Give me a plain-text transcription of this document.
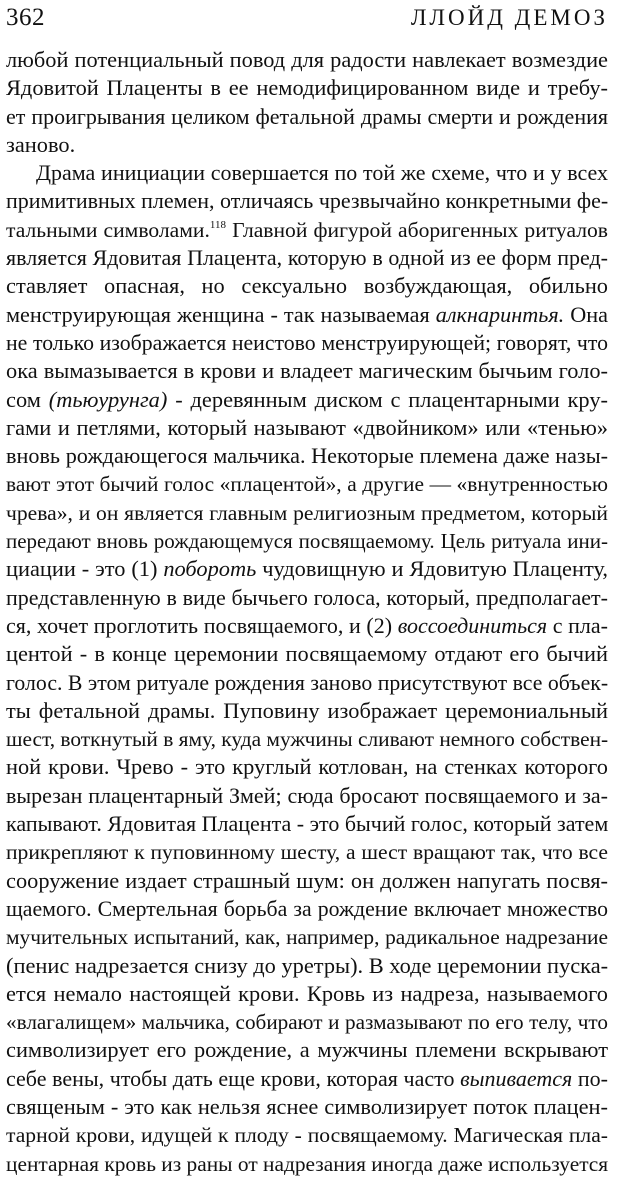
362	ЛЛОЙД ДЕМОЗ
любой потенциальный повод для радости навлекает возмездие
Ядовитой Плаценты в ее немодифицированном виде и требу-
ет проигрывания целиком фетальной драмы смерти и рождения
заново.
Драма инициации совершается по той же схеме, что и у всех
примитивных племен, отличаясь чрезвычайно конкретными фе-
тальными символами.$^{118}$ Главной фигурой аборигенных ритуалов
является Ядовитая Плацента, которую в одной из ее форм пред-
ставляет опасная, но сексуально возбуждающая, обильно
менструирующая женщина - так называемая алкнаринтья. Она
не только изображается неистово менструирующей; говорят, что
ока вымазывается в крови и владеет магическим бычьим голо-
сом (тьюурунга) - деревянным диском с плацентарными кру-
гами и петлями, который называют «двойником» или «тенью»
вновь рождающегося мальчика. Некоторые племена даже назы-
вают этот бычий голос «плацентой», а другие — «внутренностью
чрева», и он является главным религиозным предметом, который
передают вновь рождающемуся посвящаемому. Цель ритуала ини-
циации - это (1) побороть чудовищную и Ядовитую Плаценту,
представленную в виде бычьего голоса, который, предполагает-
ся, хочет проглотить посвящаемого, и (2) воссоединиться с пла-
центой - в конце церемонии посвящаемому отдают его бычий
голос. В этом ритуале рождения заново присутствуют все объек-
ты фетальной драмы. Пуповину изображает церемониальный
шест, воткнутый в яму, куда мужчины сливают немного собствен-
ной крови. Чрево - это круглый котлован, на стенках которого
вырезан плацентарный Змей; сюда бросают посвящаемого и за-
капывают. Ядовитая Плацента - это бычий голос, который затем
прикрепляют к пуповинному шесту, а шест вращают так, что все
сооружение издает страшный шум: он должен напугать посвя-
щаемого. Смертельная борьба за рождение включает множество
мучительных испытаний, как, например, радикальное надрезание
(пенис надрезается снизу до уретры). В ходе церемонии пуска-
ется немало настоящей крови. Кровь из надреза, называемого
«влагалищем» мальчика, собирают и размазывают по его телу, что
символизирует его рождение, а мужчины племени вскрывают
себе вены, чтобы дать еще крови, которая часто выпивается по-
священым - это как нельзя яснее символизирует поток плацен-
тарной крови, идущей к плоду - посвящаемому. Магическая пла-
центарная кровь из раны от надрезания иногда даже используется
